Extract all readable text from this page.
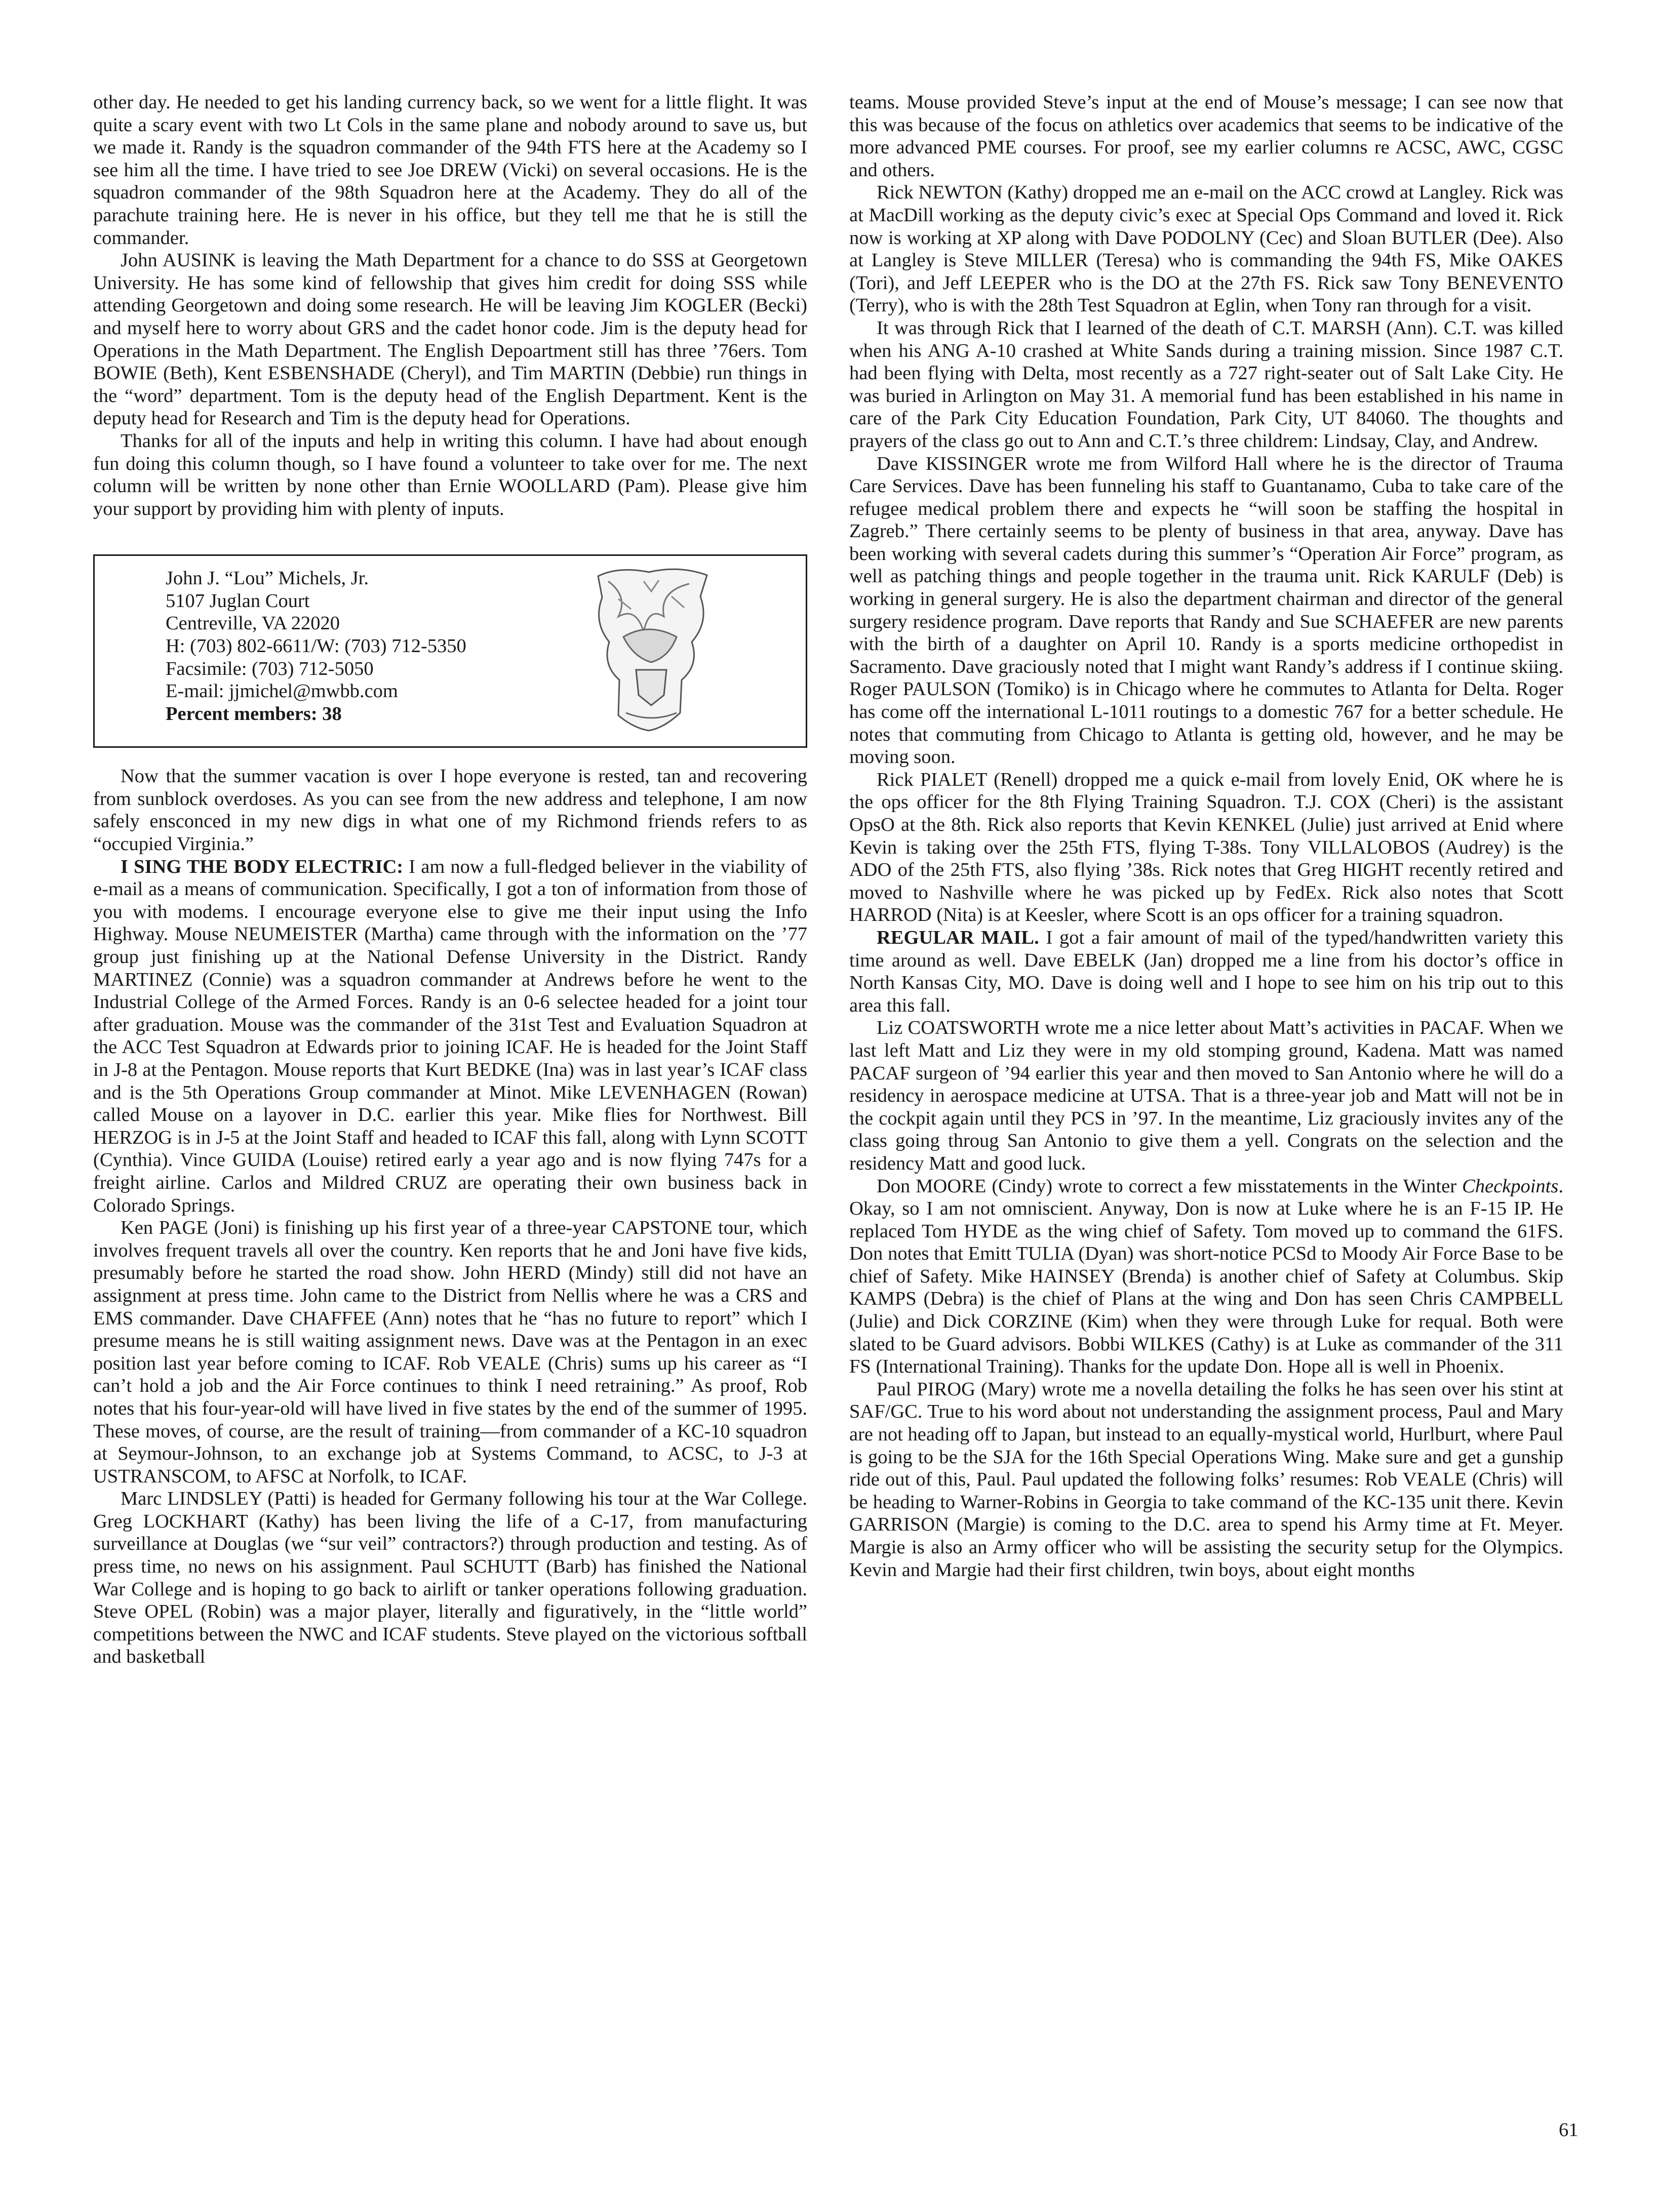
other day. He needed to get his landing currency back, so we went for a little flight. It was quite a scary event with two Lt Cols in the same plane and nobody around to save us, but we made it. Randy is the squadron commander of the 94th FTS here at the Academy so I see him all the time. I have tried to see Joe DREW (Vicki) on several occasions. He is the squadron commander of the 98th Squadron here at the Academy. They do all of the parachute training here. He is never in his office, but they tell me that he is still the commander.

John AUSINK is leaving the Math Department for a chance to do SSS at Georgetown University. He has some kind of fellowship that gives him credit for doing SSS while attending Georgetown and doing some research. He will be leaving Jim KOGLER (Becki) and myself here to worry about GRS and the cadet honor code. Jim is the deputy head for Operations in the Math Department. The English Depoartment still has three ’76ers. Tom BOWIE (Beth), Kent ESBENSHADE (Cheryl), and Tim MARTIN (Debbie) run things in the “word” department. Tom is the deputy head of the English Department. Kent is the deputy head for Research and Tim is the deputy head for Operations.

Thanks for all of the inputs and help in writing this column. I have had about enough fun doing this column though, so I have found a volunteer to take over for me. The next column will be written by none other than Ernie WOOLLARD (Pam). Please give him your support by providing him with plenty of inputs.

John J. “Lou” Michels, Jr.
5107 Juglan Court
Centreville, VA 22020
H: (703) 802-6611/W: (703) 712-5350
Facsimile: (703) 712-5050
E-mail: jjmichel@mwbb.com
Percent members: 38

Now that the summer vacation is over I hope everyone is rested, tan and recovering from sunblock overdoses. As you can see from the new address and telephone, I am now safely ensconced in my new digs in what one of my Richmond friends refers to as “occupied Virginia.”

I SING THE BODY ELECTRIC: I am now a full-fledged believer in the viability of e-mail as a means of communication. Specifically, I got a ton of information from those of you with modems. I encourage everyone else to give me their input using the Info Highway. Mouse NEUMEISTER (Martha) came through with the information on the ’77 group just finishing up at the National Defense University in the District. Randy MARTINEZ (Connie) was a squadron commander at Andrews before he went to the Industrial College of the Armed Forces. Randy is an 0-6 selectee headed for a joint tour after graduation. Mouse was the commander of the 31st Test and Evaluation Squadron at the ACC Test Squadron at Edwards prior to joining ICAF. He is headed for the Joint Staff in J-8 at the Pentagon. Mouse reports that Kurt BEDKE (Ina) was in last year’s ICAF class and is the 5th Operations Group commander at Minot. Mike LEVENHAGEN (Rowan) called Mouse on a layover in D.C. earlier this year. Mike flies for Northwest. Bill HERZOG is in J-5 at the Joint Staff and headed to ICAF this fall, along with Lynn SCOTT (Cynthia). Vince GUIDA (Louise) retired early a year ago and is now flying 747s for a freight airline. Carlos and Mildred CRUZ are operating their own business back in Colorado Springs.

Ken PAGE (Joni) is finishing up his first year of a three-year CAPSTONE tour, which involves frequent travels all over the country. Ken reports that he and Joni have five kids, presumably before he started the road show. John HERD (Mindy) still did not have an assignment at press time. John came to the District from Nellis where he was a CRS and EMS commander. Dave CHAFFEE (Ann) notes that he “has no future to report” which I presume means he is still waiting assignment news. Dave was at the Pentagon in an exec position last year before coming to ICAF. Rob VEALE (Chris) sums up his career as “I can’t hold a job and the Air Force continues to think I need retraining.” As proof, Rob notes that his four-year-old will have lived in five states by the end of the summer of 1995. These moves, of course, are the result of training—from commander of a KC-10 squadron at Seymour-Johnson, to an exchange job at Systems Command, to ACSC, to J-3 at USTRANSCOM, to AFSC at Norfolk, to ICAF.

Marc LINDSLEY (Patti) is headed for Germany following his tour at the War College. Greg LOCKHART (Kathy) has been living the life of a C-17, from manufacturing surveillance at Douglas (we “sur veil” contractors?) through production and testing. As of press time, no news on his assignment. Paul SCHUTT (Barb) has finished the National War College and is hoping to go back to airlift or tanker operations following graduation. Steve OPEL (Robin) was a major player, literally and figuratively, in the “little world” competitions between the NWC and ICAF students. Steve played on the victorious softball and basketball

teams. Mouse provided Steve’s input at the end of Mouse’s message; I can see now that this was because of the focus on athletics over academics that seems to be indicative of the more advanced PME courses. For proof, see my earlier columns re ACSC, AWC, CGSC and others.

Rick NEWTON (Kathy) dropped me an e-mail on the ACC crowd at Langley. Rick was at MacDill working as the deputy civic’s exec at Special Ops Command and loved it. Rick now is working at XP along with Dave PODOLNY (Cec) and Sloan BUTLER (Dee). Also at Langley is Steve MILLER (Teresa) who is commanding the 94th FS, Mike OAKES (Tori), and Jeff LEEPER who is the DO at the 27th FS. Rick saw Tony BENEVENTO (Terry), who is with the 28th Test Squadron at Eglin, when Tony ran through for a visit.

It was through Rick that I learned of the death of C.T. MARSH (Ann). C.T. was killed when his ANG A-10 crashed at White Sands during a training mission. Since 1987 C.T. had been flying with Delta, most recently as a 727 right-seater out of Salt Lake City. He was buried in Arlington on May 31. A memorial fund has been established in his name in care of the Park City Education Foundation, Park City, UT 84060. The thoughts and prayers of the class go out to Ann and C.T.’s three childrem: Lindsay, Clay, and Andrew.

Dave KISSINGER wrote me from Wilford Hall where he is the director of Trauma Care Services. Dave has been funneling his staff to Guantanamo, Cuba to take care of the refugee medical problem there and expects he “will soon be staffing the hospital in Zagreb.” There certainly seems to be plenty of business in that area, anyway. Dave has been working with several cadets during this summer’s “Operation Air Force” program, as well as patching things and people together in the trauma unit. Rick KARULF (Deb) is working in general surgery. He is also the department chairman and director of the general surgery residence program. Dave reports that Randy and Sue SCHAEFER are new parents with the birth of a daughter on April 10. Randy is a sports medicine orthopedist in Sacramento. Dave graciously noted that I might want Randy’s address if I continue skiing. Roger PAULSON (Tomiko) is in Chicago where he commutes to Atlanta for Delta. Roger has come off the international L-1011 routings to a domestic 767 for a better schedule. He notes that commuting from Chicago to Atlanta is getting old, however, and he may be moving soon.

Rick PIALET (Renell) dropped me a quick e-mail from lovely Enid, OK where he is the ops officer for the 8th Flying Training Squadron. T.J. COX (Cheri) is the assistant OpsO at the 8th. Rick also reports that Kevin KENKEL (Julie) just arrived at Enid where Kevin is taking over the 25th FTS, flying T-38s. Tony VILLALOBOS (Audrey) is the ADO of the 25th FTS, also flying ’38s. Rick notes that Greg HIGHT recently retired and moved to Nashville where he was picked up by FedEx. Rick also notes that Scott HARROD (Nita) is at Keesler, where Scott is an ops officer for a training squadron.

REGULAR MAIL. I got a fair amount of mail of the typed/handwritten variety this time around as well. Dave EBELK (Jan) dropped me a line from his doctor’s office in North Kansas City, MO. Dave is doing well and I hope to see him on his trip out to this area this fall.

Liz COATSWORTH wrote me a nice letter about Matt’s activities in PACAF. When we last left Matt and Liz they were in my old stomping ground, Kadena. Matt was named PACAF surgeon of ’94 earlier this year and then moved to San Antonio where he will do a residency in aerospace medicine at UTSA. That is a three-year job and Matt will not be in the cockpit again until they PCS in ’97. In the meantime, Liz graciously invites any of the class going throug San Antonio to give them a yell. Congrats on the selection and the residency Matt and good luck.

Don MOORE (Cindy) wrote to correct a few misstatements in the Winter Checkpoints. Okay, so I am not omniscient. Anyway, Don is now at Luke where he is an F-15 IP. He replaced Tom HYDE as the wing chief of Safety. Tom moved up to command the 61FS. Don notes that Emitt TULIA (Dyan) was short-notice PCSd to Moody Air Force Base to be chief of Safety. Mike HAINSEY (Brenda) is another chief of Safety at Columbus. Skip KAMPS (Debra) is the chief of Plans at the wing and Don has seen Chris CAMPBELL (Julie) and Dick CORZINE (Kim) when they were through Luke for requal. Both were slated to be Guard advisors. Bobbi WILKES (Cathy) is at Luke as commander of the 311 FS (International Training). Thanks for the update Don. Hope all is well in Phoenix.

Paul PIROG (Mary) wrote me a novella detailing the folks he has seen over his stint at SAF/GC. True to his word about not understanding the assignment process, Paul and Mary are not heading off to Japan, but instead to an equally-mystical world, Hurlburt, where Paul is going to be the SJA for the 16th Special Operations Wing. Make sure and get a gunship ride out of this, Paul. Paul updated the following folks’ resumes: Rob VEALE (Chris) will be heading to Warner-Robins in Georgia to take command of the KC-135 unit there. Kevin GARRISON (Margie) is coming to the D.C. area to spend his Army time at Ft. Meyer. Margie is also an Army officer who will be assisting the security setup for the Olympics. Kevin and Margie had their first children, twin boys, about eight months

61
